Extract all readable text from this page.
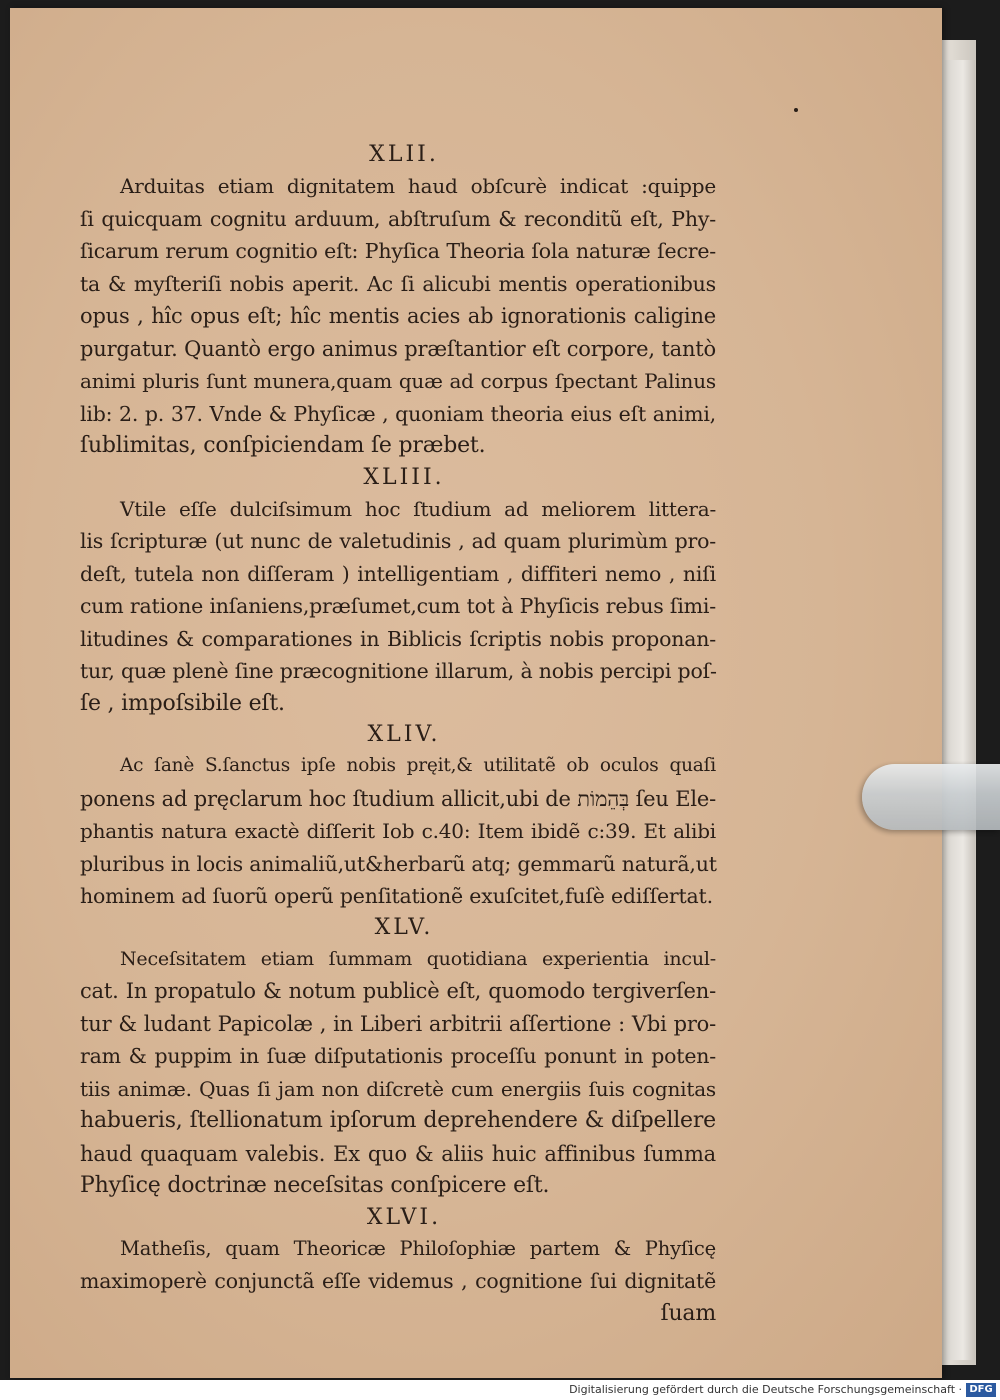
XLII.
Arduitas etiam dignitatem haud obſcurè indicat :quippe
ſi quicquam cognitu arduum, abſtruſum & reconditũ eſt, Phy-
ſicarum rerum cognitio eſt: Phyſica Theoria ſola naturæ ſecre-
ta & myſteriſi nobis aperit. Ac ſi alicubi mentis operationibus
opus , hîc opus eſt; hîc mentis acies ab ignorationis caligine
purgatur. Quantò ergo animus præſtantior eſt corpore, tantò
animi pluris ſunt munera,quam quæ ad corpus ſpectant Palinus
lib: 2. p. 37. Vnde & Phyſicæ , quoniam theoria eius eſt animi,
ſublimitas, conſpiciendam ſe præbet.
XLIII.
Vtile eſſe dulciſsimum hoc ſtudium ad meliorem littera-
lis ſcripturæ (ut nunc de valetudinis , ad quam plurimùm pro-
deſt, tutela non diſſeram ) intelligentiam , diffiteri nemo , niſi
cum ratione inſaniens,præſumet,cum tot à Phyſicis rebus ſimi-
litudines & comparationes in Biblicis ſcriptis nobis proponan-
tur, quæ plenè ſine præcognitione illarum, à nobis percipi poſ-
ſe , impoſsibile eſt.
XLIV.
Ac ſanè S.ſanctus ipſe nobis pręit,& utilitatẽ ob oculos quaſi
ponens ad pręclarum hoc ſtudium allicit,ubi de בְּהֵמוֹת ſeu Ele-
phantis natura exactè diſſerit Iob c.40: Item ibidẽ c:39. Et alibi
pluribus in locis animaliũ,ut&herbarũ atq; gemmarũ naturã,ut
hominem ad ſuorũ operũ penſitationẽ exuſcitet,fuſè ediſſertat.
XLV.
Neceſsitatem etiam ſummam quotidiana experientia incul-
cat. In propatulo & notum publicè eſt, quomodo tergiverſen-
tur & ludant Papicolæ , in Liberi arbitrii aſſertione : Vbi pro-
ram & puppim in ſuæ diſputationis proceſſu ponunt in poten-
tiis animæ. Quas ſi jam non diſcretè cum energiis ſuis cognitas
habueris, ſtellionatum ipſorum deprehendere & diſpellere
haud quaquam valebis. Ex quo & aliis huic affinibus ſumma
Phyſicę doctrinæ neceſsitas conſpicere eſt.
XLVI.
Matheſis, quam Theoricæ Philoſophiæ partem & Phyſicę
maximoperè conjunctã eſſe videmus , cognitione ſui dignitatẽ
ſuam
Digitalisierung gefördert durch die Deutsche Forschungsgemeinschaft · DFG
